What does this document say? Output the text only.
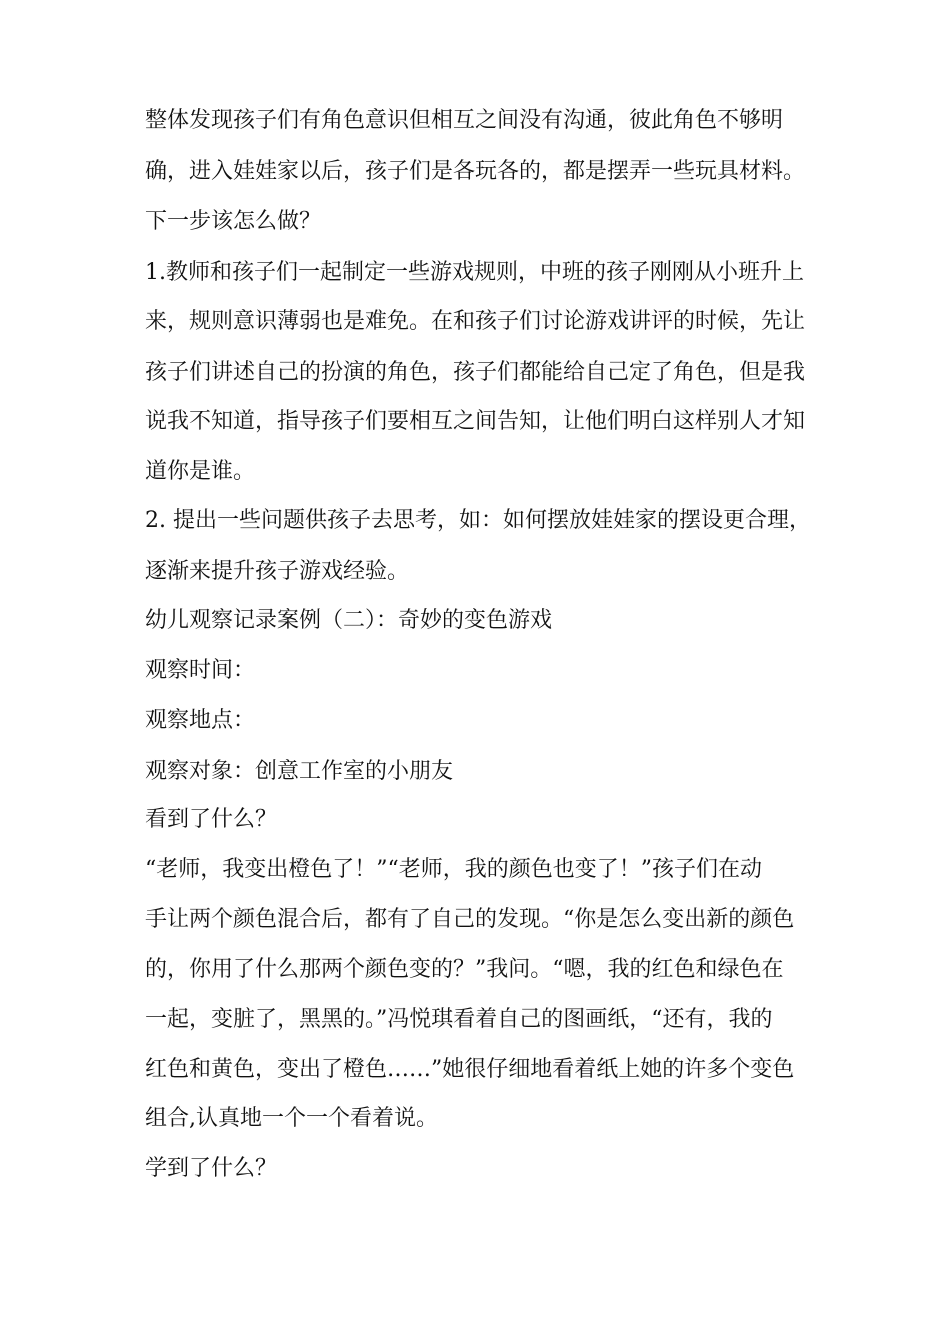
整体发现孩子们有角色意识但相互之间没有沟通，彼此角色不够明
确，进入娃娃家以后，孩子们是各玩各的，都是摆弄一些玩具材料。
下一步该怎么做？
1.教师和孩子们一起制定一些游戏规则，中班的孩子刚刚从小班升上
来，规则意识薄弱也是难免。在和孩子们讨论游戏讲评的时候，先让
孩子们讲述自己的扮演的角色，孩子们都能给自己定了角色，但是我
说我不知道，指导孩子们要相互之间告知，让他们明白这样别人才知
道你是谁。
2. 提出一些问题供孩子去思考，如：如何摆放娃娃家的摆设更合理，
逐渐来提升孩子游戏经验。
幼儿观察记录案例（二）：奇妙的变色游戏
观察时间：
观察地点：
观察对象：创意工作室的小朋友
看到了什么？
“老师，我变出橙色了！”“老师，我的颜色也变了！”孩子们在动
手让两个颜色混合后，都有了自己的发现。“你是怎么变出新的颜色
的，你用了什么那两个颜色变的？”我问。“嗯，我的红色和绿色在
一起，变脏了，黑黑的。”冯悦琪看着自己的图画纸，“还有，我的
红色和黄色，变出了橙色……”她很仔细地看着纸上她的许多个变色
组合,认真地一个一个看着说。
学到了什么？
